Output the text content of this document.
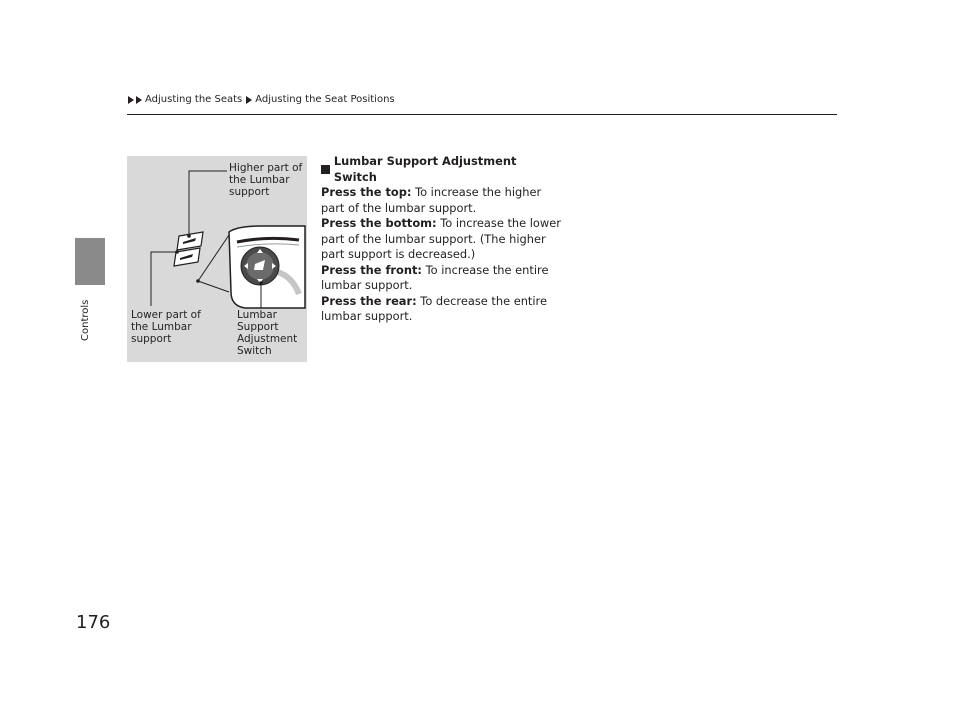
Adjusting the Seats Adjusting the Seat Positions
Controls
Higher part of
the Lumbar
support
Lower part of
the Lumbar
support
Lumbar
Support
Adjustment
Switch
Lumbar Support Adjustment Switch

Press the top: To increase the higher part of the lumbar support.

Press the bottom: To increase the lower part of the lumbar support. (The higher part support is decreased.)

Press the front: To increase the entire lumbar support.

Press the rear: To decrease the entire lumbar support.

176
